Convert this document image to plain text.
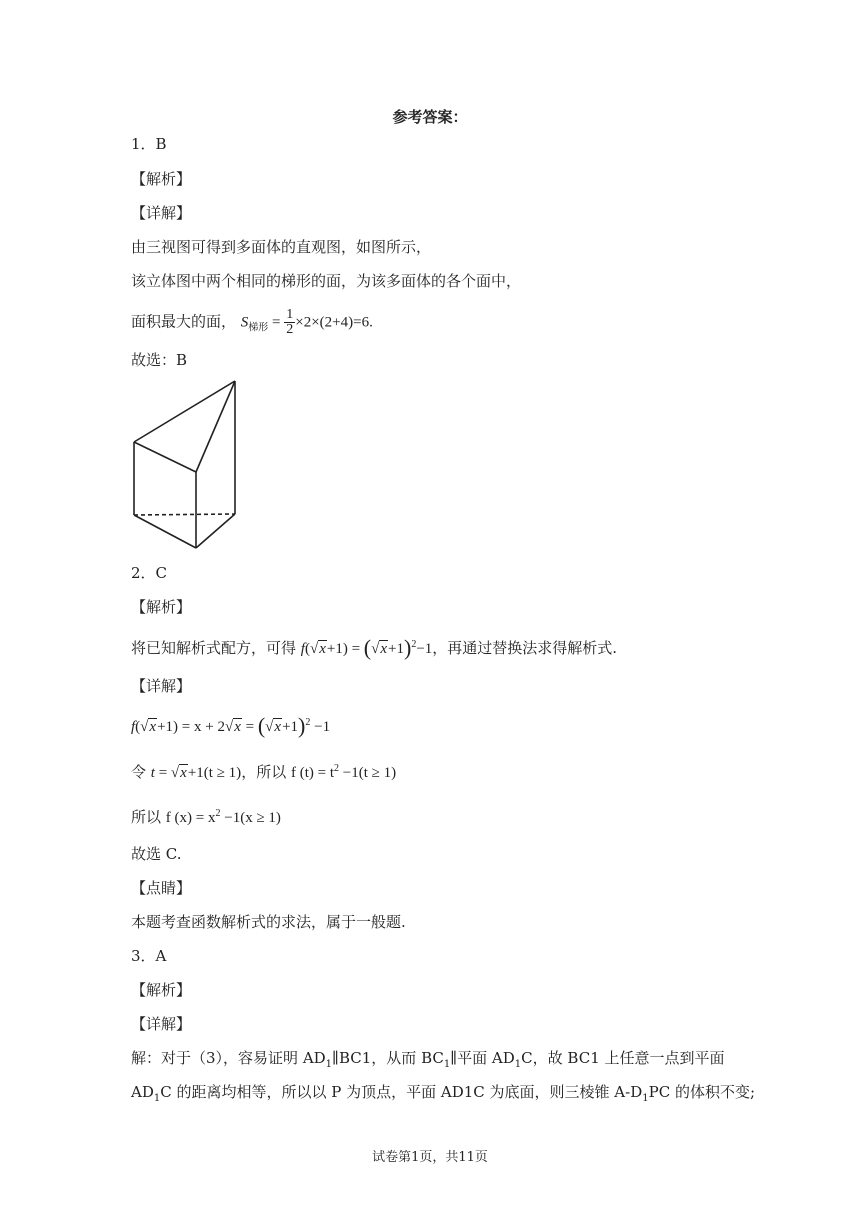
参考答案：
1．B
【解析】
【详解】
由三视图可得到多面体的直观图，如图所示，
该立体图中两个相同的梯形的面，为该多面体的各个面中，
面积最大的面， $S_{梯形} = \frac{1}{2} \times 2\times(2+4)=6$.
故选：B
2．C
【解析】
将已知解析式配方，可得 $f(√x+1) = (√x+1)^2-1$，再通过替换法求得解析式.
【详解】
$f(√x+1) = x + 2√x = (√x+1)^2 -1$
令 t = √x+1(t ≥ 1)，所以 f $(t) = t^2 -1(t \ge 1)$
所以 f $(x) = x^2 -1(x \ge 1)$
故选 C.
【点睛】
本题考查函数解析式的求法，属于一般题.
3．A
【解析】
【详解】
解：对于（3），容易证明 $AD_1\parallel BC1$，从而 $BC_1\parallel$平面 $AD_1C$，故 BC1 上任意一点到平面
$AD_1C$ 的距离均相等，所以以 P 为顶点，平面 AD1C 为底面，则三棱锥 $A-D_1PC$ 的体积不变;
试卷第1页，共11页
